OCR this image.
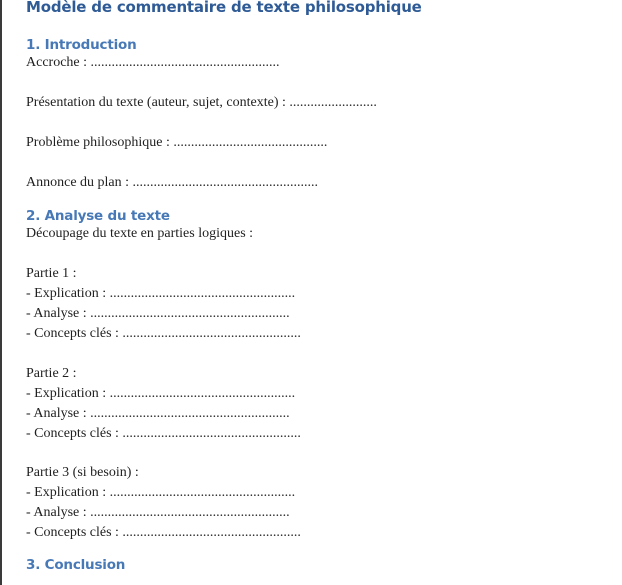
Modèle de commentaire de texte philosophique
1. Introduction

Accroche : ......................................................

Présentation du texte (auteur, sujet, contexte) : .........................

Problème philosophique : ............................................

Annonce du plan : .....................................................

2. Analyse du texte

Découpage du texte en parties logiques :

Partie 1 :

- Explication : .....................................................

- Analyse : .........................................................

- Concepts clés : ...................................................

Partie 2 :

- Explication : .....................................................

- Analyse : .........................................................

- Concepts clés : ...................................................

Partie 3 (si besoin) :

- Explication : .....................................................

- Analyse : .........................................................

- Concepts clés : ...................................................

3. Conclusion
